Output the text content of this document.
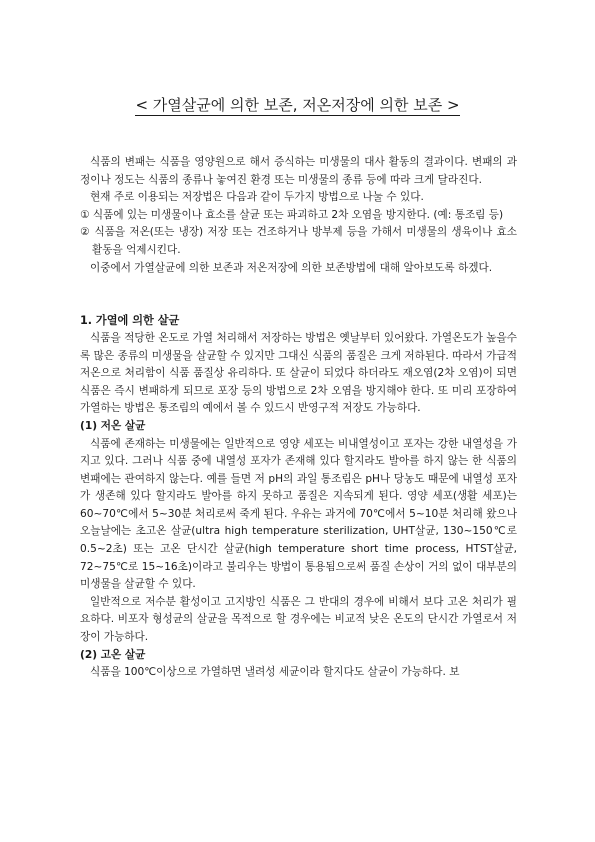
< 가열살균에 의한 보존, 저온저장에 의한 보존 >

식품의 변패는 식품을 영양원으로 해서 증식하는 미생물의 대사 활동의 결과이다. 변패의 과정이나 정도는 식품의 종류나 놓여진 환경 또는 미생물의 종류 등에 따라 크게 달라진다.

현재 주로 이용되는 저장법은 다음과 같이 두가지 방법으로 나눌 수 있다.

① 식품에 있는 미생물이나 효소를 살균 또는 파괴하고 2차 오염을 방지한다. (예: 통조림 등)

② 식품을 저온(또는 냉장) 저장 또는 건조하거나 방부제 등을 가해서 미생물의 생육이나 효소 활동을 억제시킨다.

이중에서 가열살균에 의한 보존과 저온저장에 의한 보존방법에 대해 알아보도록 하겠다.

1. 가열에 의한 살균

식품을 적당한 온도로 가열 처리해서 저장하는 방법은 옛날부터 있어왔다. 가열온도가 높을수록 많은 종류의 미생물을 살균할 수 있지만 그대신 식품의 품질은 크게 저하된다. 따라서 가급적 저온으로 처리함이 식품 품질상 유리하다. 또 살균이 되었다 하더라도 재오염(2차 오염)이 되면 식품은 즉시 변패하게 되므로 포장 등의 방법으로 2차 오염을 방지해야 한다. 또 미리 포장하여 가열하는 방법은 통조림의 예에서 볼 수 있드시 반영구적 저장도 가능하다.

(1) 저온 살균

식품에 존재하는 미생물에는 일반적으로 영양 세포는 비내열성이고 포자는 강한 내열성을 가지고 있다. 그러나 식품 중에 내열성 포자가 존재해 있다 할지라도 발아를 하지 않는 한 식품의 변패에는 관여하지 않는다. 예를 들면 저 pH의 과일 통조림은 pH나 당농도 때문에 내열성 포자가 생존해 있다 할지라도 발아를 하지 못하고 품질은 지속되게 된다. 영양 세포(생활 세포)는 60~70℃에서 5~30분 처리로써 죽게 된다. 우유는 과거에 70℃에서 5~10분 처리해 왔으나 오늘날에는 초고온 살균(ultra high temperature sterilization, UHT살균, 130~150℃로 0.5~2초) 또는 고온 단시간 살균(high temperature short time process, HTST살균, 72~75℃로 15~16초)이라고 불리우는 방법이 통용됨으로써 품질 손상이 거의 없이 대부분의 미생물을 살균할 수 있다.

일반적으로 저수분 활성이고 고지방인 식품은 그 반대의 경우에 비해서 보다 고온 처리가 필요하다. 비포자 형성균의 살균을 목적으로 할 경우에는 비교적 낮은 온도의 단시간 가열로서 저장이 가능하다.

(2) 고온 살균

식품을 100℃이상으로 가열하면 낼려성 세균이라 할지다도 살균이 가능하다. 보
